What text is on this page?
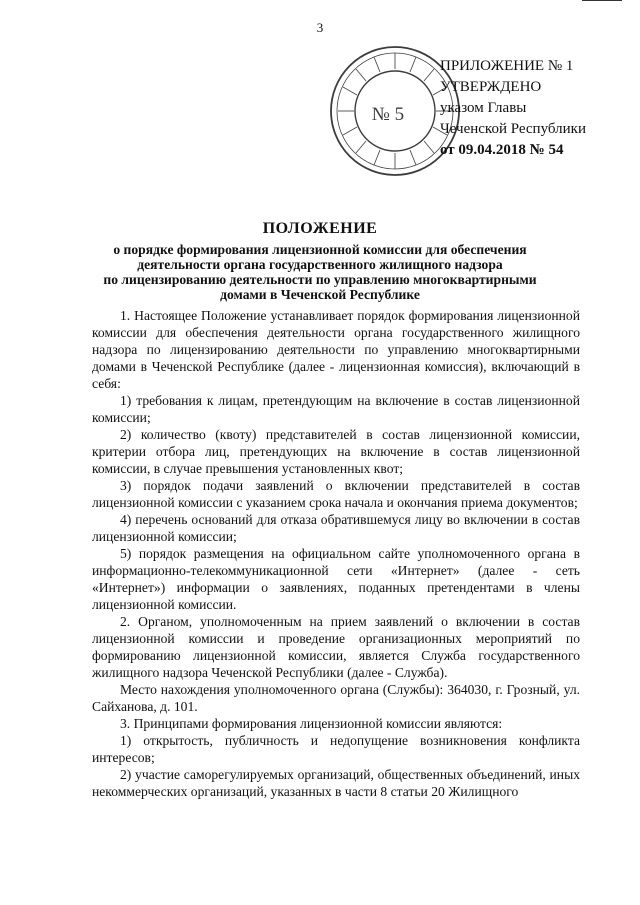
3
№ 5
ПРИЛОЖЕНИЕ № 1
УТВЕРЖДЕНО
указом Главы
Чеченской Республики
от 09.04.2018 № 54
ПОЛОЖЕНИЕ
о порядке формирования лицензионной комиссии для обеспечения
деятельности органа государственного жилищного надзора
по лицензированию деятельности по управлению многоквартирными
домами в Чеченской Республике

1. Настоящее Положение устанавливает порядок формирования лицензионной комиссии для обеспечения деятельности органа государственного жилищного надзора по лицензированию деятельности по управлению многоквартирными домами в Чеченской Республике (далее - лицензионная комиссия), включающий в себя:

1) требования к лицам, претендующим на включение в состав лицензионной комиссии;

2) количество (квоту) представителей в состав лицензионной комиссии, критерии отбора лиц, претендующих на включение в состав лицензионной комиссии, в случае превышения установленных квот;

3) порядок подачи заявлений о включении представителей в состав лицензионной комиссии с указанием срока начала и окончания приема документов;

4) перечень оснований для отказа обратившемуся лицу во включении в состав лицензионной комиссии;

5) порядок размещения на официальном сайте уполномоченного органа в информационно-телекоммуникационной сети «Интернет» (далее - сеть «Интернет») информации о заявлениях, поданных претендентами в члены лицензионной комиссии.

2. Органом, уполномоченным на прием заявлений о включении в состав лицензионной комиссии и проведение организационных мероприятий по формированию лицензионной комиссии, является Служба государственного жилищного надзора Чеченской Республики (далее - Служба).

Место нахождения уполномоченного органа (Службы): 364030, г. Грозный, ул. Сайханова, д. 101.

3. Принципами формирования лицензионной комиссии являются:

1) открытость, публичность и недопущение возникновения конфликта интересов;

2) участие саморегулируемых организаций, общественных объединений, иных некоммерческих организаций, указанных в части 8 статьи 20 Жилищного
